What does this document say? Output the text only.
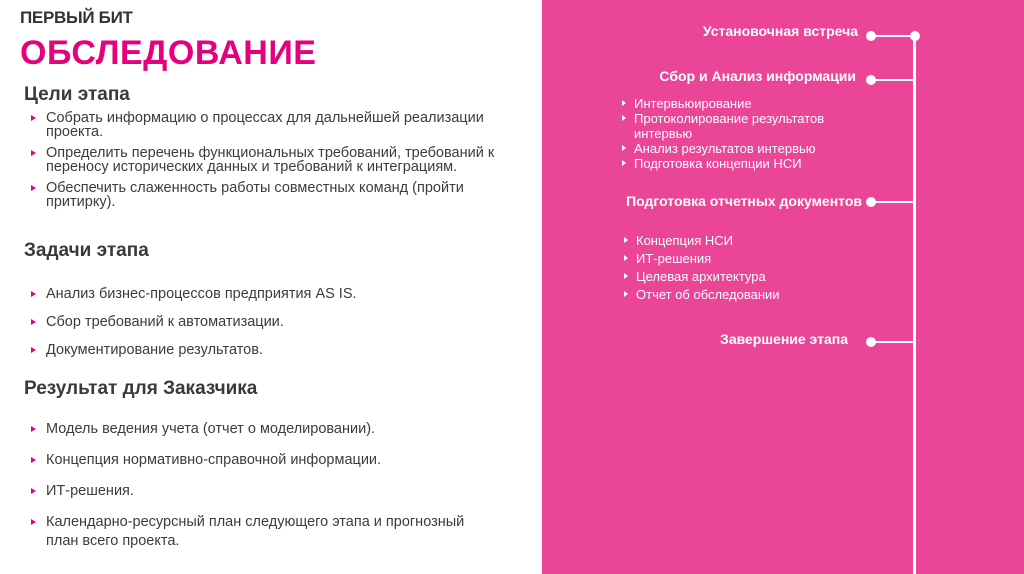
ПЕРВЫЙ БИТ
ОБСЛЕДОВАНИЕ
Цели этапа
Собрать информацию о процессах для дальнейшей реализации проекта.
Определить перечень функциональных требований, требований к переносу исторических данных и требований к интеграциям.
Обеспечить слаженность работы совместных команд (пройти притирку).
Задачи этапа
Анализ бизнес-процессов предприятия AS IS.
Сбор требований к автоматизации.
Документирование результатов.
Результат для Заказчика
Модель ведения учета (отчет о моделировании).
Концепция нормативно-справочной информации.
ИТ-решения.
Календарно-ресурсный план следующего этапа и прогнозный план всего проекта.
Установочная встреча
Сбор и Анализ информации
Интервьюирование
Протоколирование результатов интервью
Анализ результатов интервью
Подготовка концепции НСИ
Подготовка отчетных документов
Концепция НСИ
ИТ-решения
Целевая архитектура
Отчет об обследовании
Завершение этапа
